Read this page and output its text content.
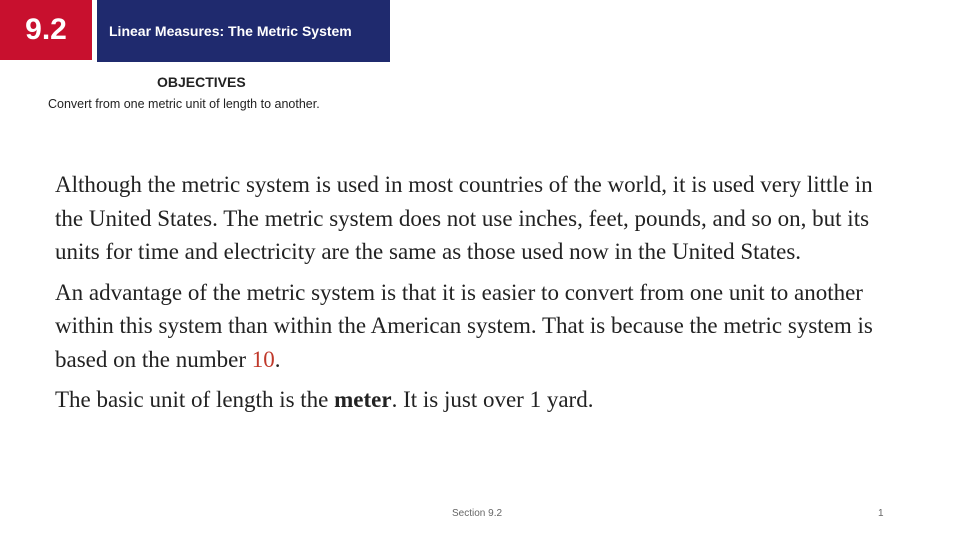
9.2	Linear Measures: The Metric System
OBJECTIVES
Convert from one metric unit of length to another.

Although the metric system is used in most countries of the world, it is used very little in the United States. The metric system does not use inches, feet, pounds, and so on, but its units for time and electricity are the same as those used now in the United States.

An advantage of the metric system is that it is easier to convert from one unit to another within this system than within the American system. That is because the metric system is based on the number 10.

The basic unit of length is the meter. It is just over 1 yard.

Section 9.2	1
